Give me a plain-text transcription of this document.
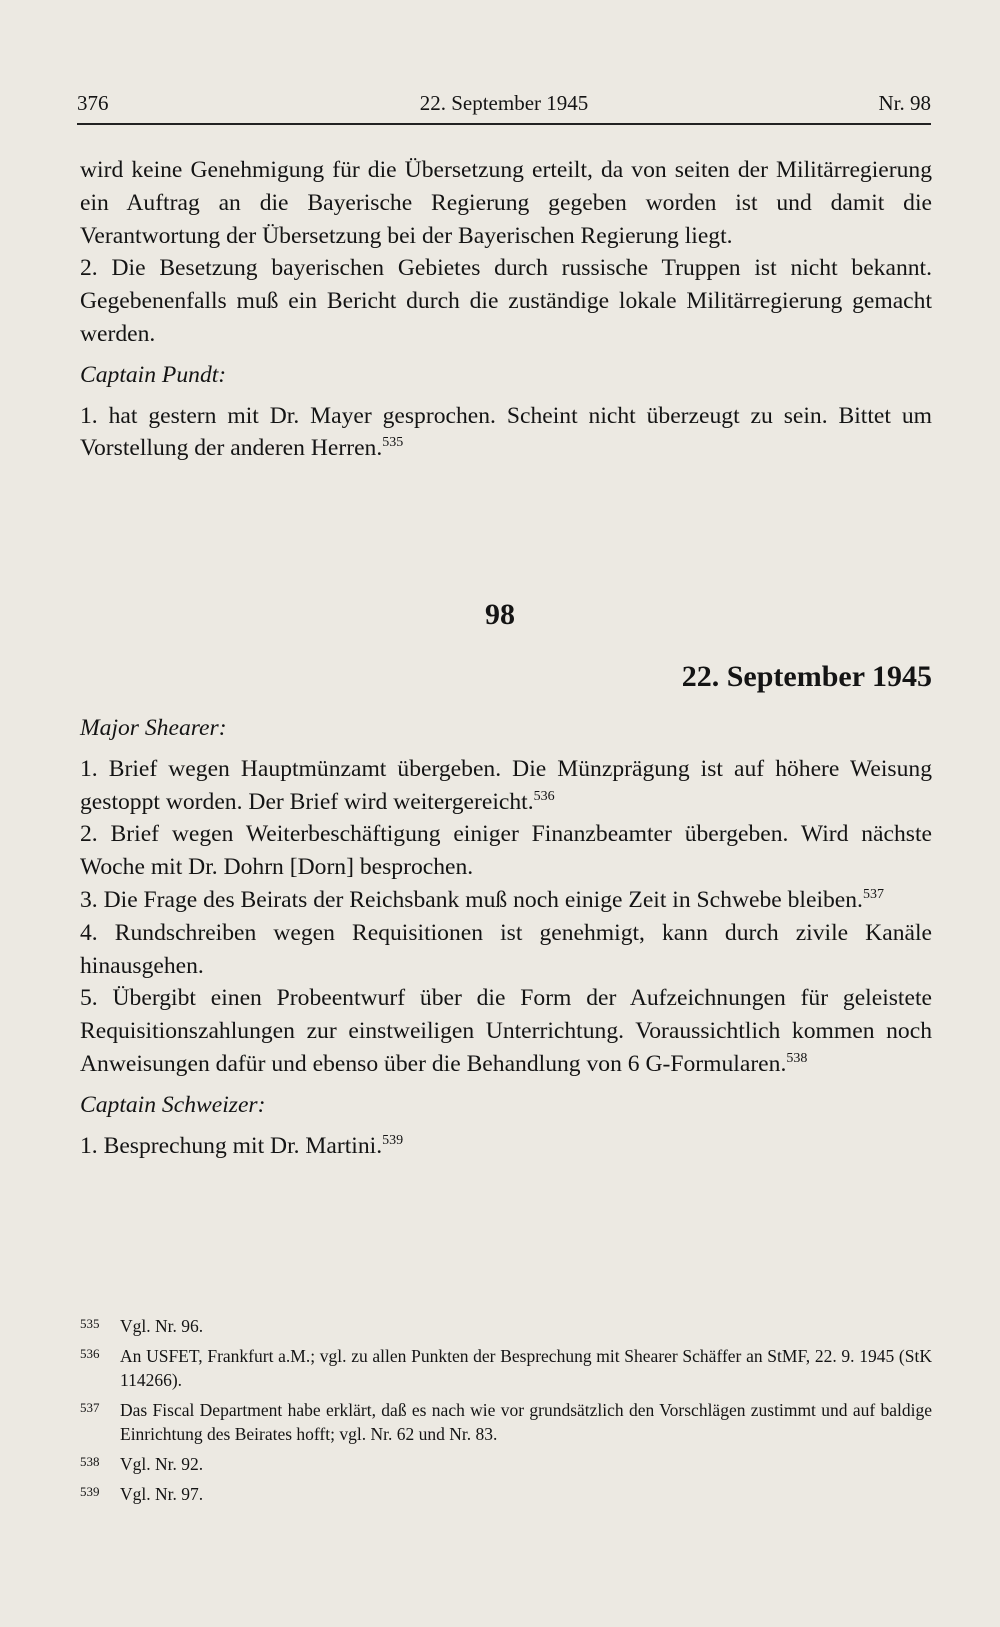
376	22. September 1945	Nr. 98

wird keine Genehmigung für die Übersetzung erteilt, da von seiten der Militärregierung ein Auftrag an die Bayerische Regierung gegeben worden ist und damit die Verantwortung der Übersetzung bei der Bayerischen Regierung liegt.

2. Die Besetzung bayerischen Gebietes durch russische Truppen ist nicht bekannt. Gegebenenfalls muß ein Bericht durch die zuständige lokale Militärregierung gemacht werden.

Captain Pundt:

1. hat gestern mit Dr. Mayer gesprochen. Scheint nicht überzeugt zu sein. Bittet um Vorstellung der anderen Herren.$^{535}$

98
22. September 1945

Major Shearer:

1. Brief wegen Hauptmünzamt übergeben. Die Münzprägung ist auf höhere Weisung gestoppt worden. Der Brief wird weitergereicht.$^{536}$

2. Brief wegen Weiterbeschäftigung einiger Finanzbeamter übergeben. Wird nächste Woche mit Dr. Dohrn [Dorn] besprochen.

3. Die Frage des Beirats der Reichsbank muß noch einige Zeit in Schwebe bleiben.$^{537}$

4. Rundschreiben wegen Requisitionen ist genehmigt, kann durch zivile Kanäle hinausgehen.

5. Übergibt einen Probeentwurf über die Form der Aufzeichnungen für geleistete Requisitionszahlungen zur einstweiligen Unterrichtung. Voraussichtlich kommen noch Anweisungen dafür und ebenso über die Behandlung von 6 G-Formularen.$^{538}$

Captain Schweizer:

1. Besprechung mit Dr. Martini.$^{539}$

535 Vgl. Nr. 96.
536 An USFET, Frankfurt a.M.; vgl. zu allen Punkten der Besprechung mit Shearer Schäffer an StMF, 22. 9. 1945 (StK 114266).
537 Das Fiscal Department habe erklärt, daß es nach wie vor grundsätzlich den Vorschlägen zustimmt und auf baldige Einrichtung des Beirates hofft; vgl. Nr. 62 und Nr. 83.
538 Vgl. Nr. 92.
539 Vgl. Nr. 97.
